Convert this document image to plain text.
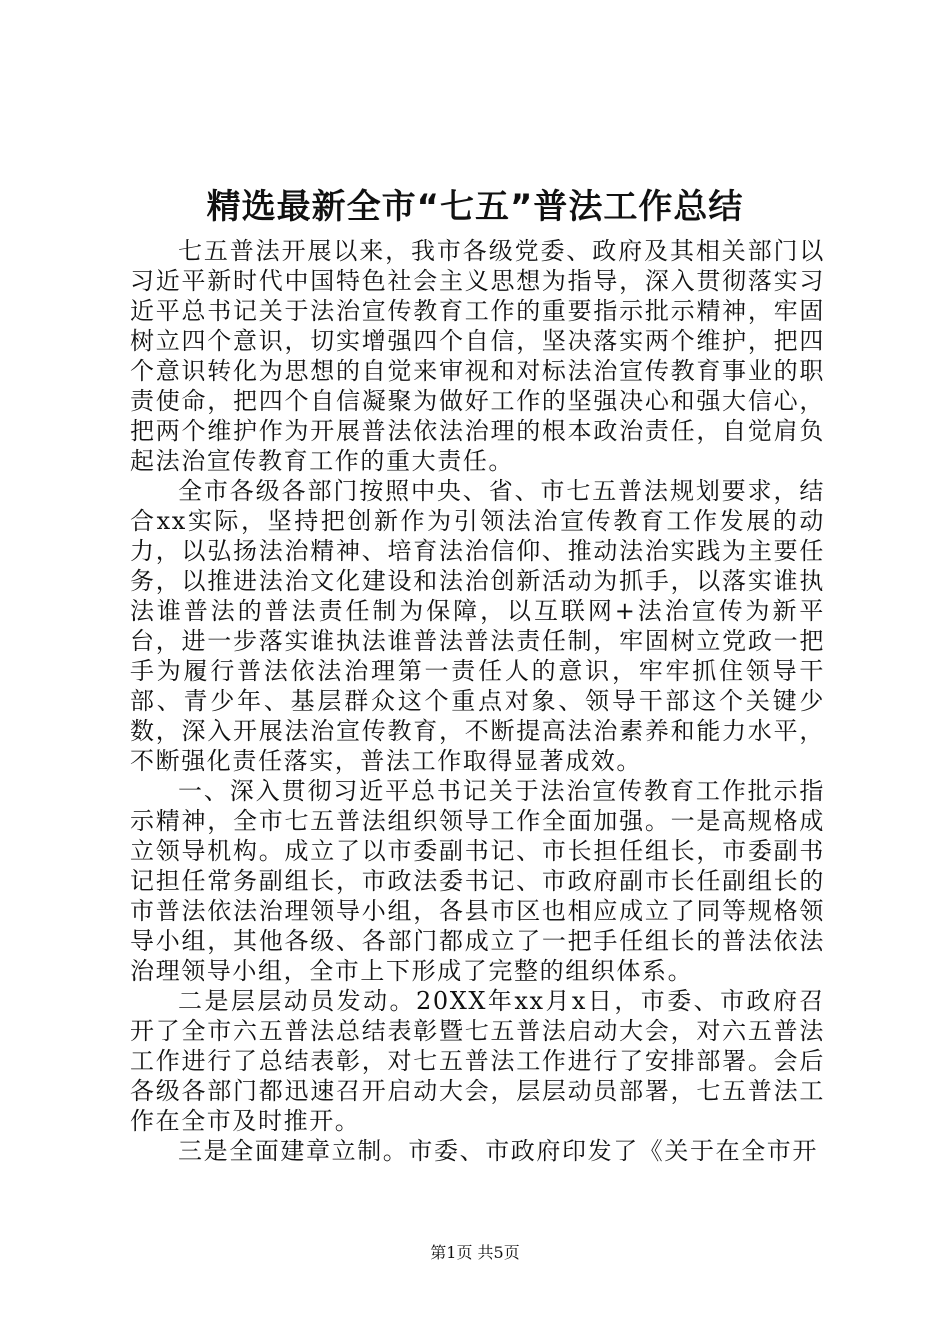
精选最新全市“七五”普法工作总结

七五普法开展以来，我市各级党委、政府及其相关部门以习近平新时代中国特色社会主义思想为指导，深入贯彻落实习近平总书记关于法治宣传教育工作的重要指示批示精神，牢固树立四个意识，切实增强四个自信，坚决落实两个维护，把四个意识转化为思想的自觉来审视和对标法治宣传教育事业的职责使命，把四个自信凝聚为做好工作的坚强决心和强大信心，把两个维护作为开展普法依法治理的根本政治责任，自觉肩负起法治宣传教育工作的重大责任。

全市各级各部门按照中央、省、市七五普法规划要求，结合xx实际，坚持把创新作为引领法治宣传教育工作发展的动力，以弘扬法治精神、培育法治信仰、推动法治实践为主要任务，以推进法治文化建设和法治创新活动为抓手，以落实谁执法谁普法的普法责任制为保障，以互联网+法治宣传为新平台，进一步落实谁执法谁普法普法责任制，牢固树立党政一把手为履行普法依法治理第一责任人的意识，牢牢抓住领导干部、青少年、基层群众这个重点对象、领导干部这个关键少数，深入开展法治宣传教育，不断提高法治素养和能力水平，不断强化责任落实，普法工作取得显著成效。

一、深入贯彻习近平总书记关于法治宣传教育工作批示指示精神，全市七五普法组织领导工作全面加强。一是高规格成立领导机构。成立了以市委副书记、市长担任组长，市委副书记担任常务副组长，市政法委书记、市政府副市长任副组长的市普法依法治理领导小组，各县市区也相应成立了同等规格领导小组，其他各级、各部门都成立了一把手任组长的普法依法治理领导小组，全市上下形成了完整的组织体系。

二是层层动员发动。20XX年xx月x日，市委、市政府召开了全市六五普法总结表彰暨七五普法启动大会，对六五普法工作进行了总结表彰，对七五普法工作进行了安排部署。会后各级各部门都迅速召开启动大会，层层动员部署，七五普法工作在全市及时推开。

三是全面建章立制。市委、市政府印发了《关于在全市开

第1页 共5页
